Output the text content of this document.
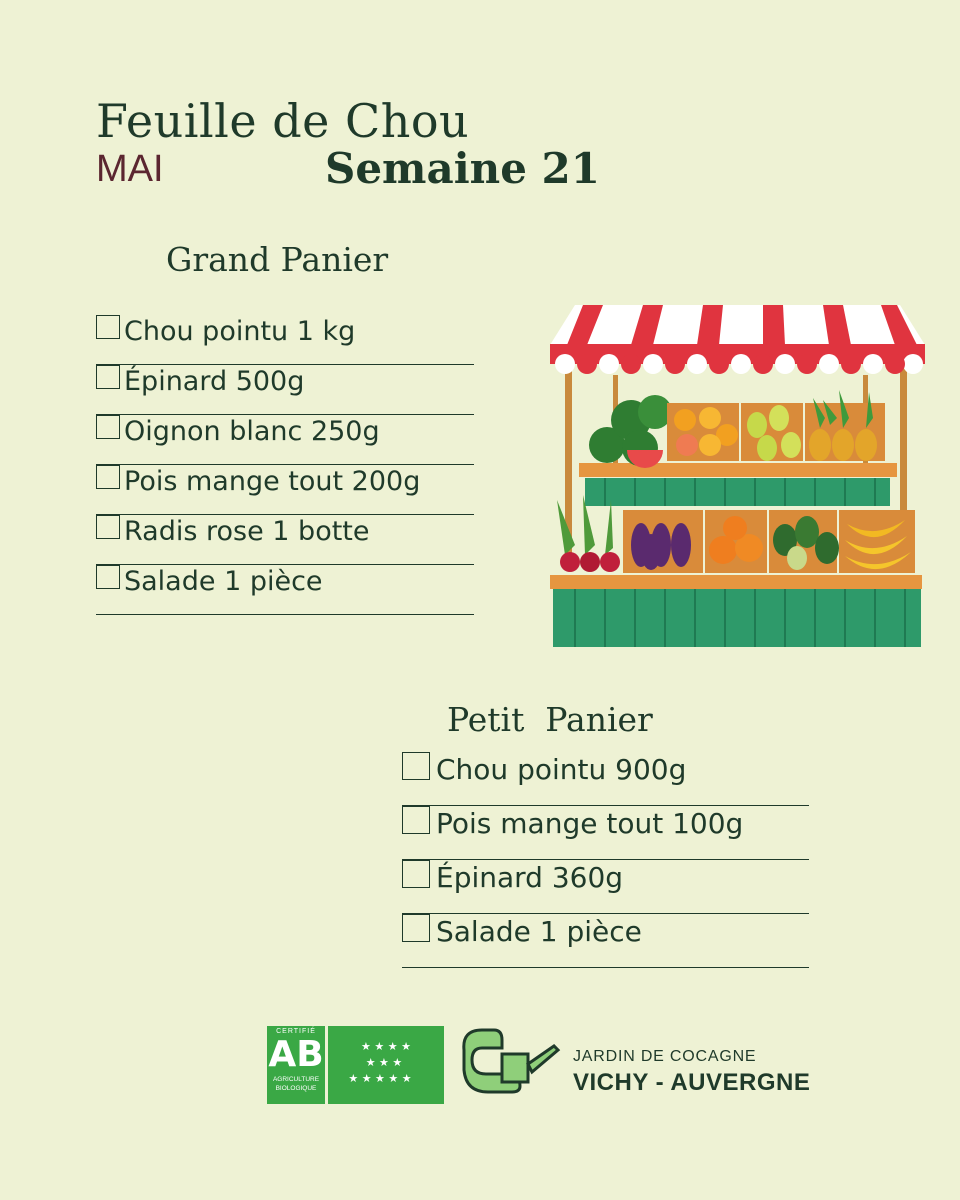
Feuille de Chou
MAI	Semaine 21
Grand Panier
Chou pointu 1 kg
Épinard 500g
Oignon blanc 250g
Pois mange tout 200g
Radis rose 1 botte
Salade 1 pièce
Petit  Panier
Chou pointu 900g
Pois mange tout 100g
Épinard 360g
Salade 1 pièce
CERTIFIÉ
AB
AGRICULTURE BIOLOGIQUE
★ ★ ★ ★
★ ★ ★
★ ★ ★ ★ ★
JARDIN DE COCAGNE
VICHY - AUVERGNE
